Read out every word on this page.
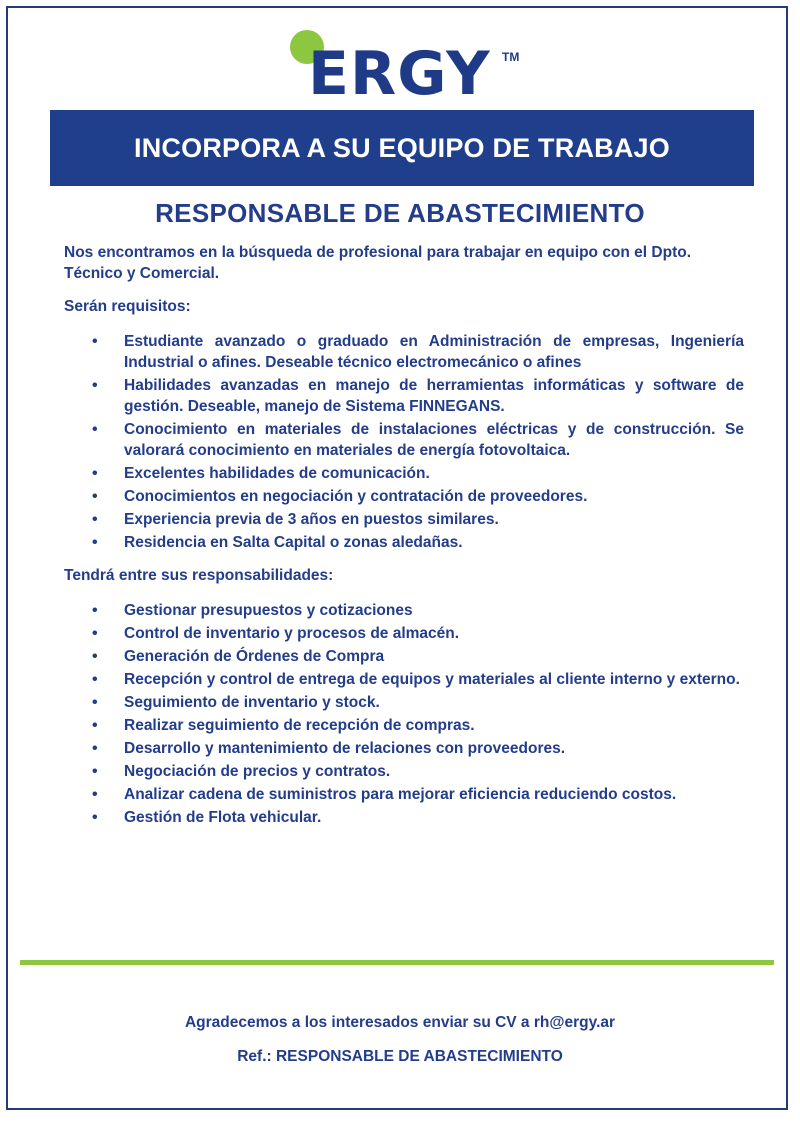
ERGY TM
INCORPORA A SU EQUIPO DE TRABAJO
RESPONSABLE DE ABASTECIMIENTO

Nos encontramos en la búsqueda de profesional para trabajar en equipo con el Dpto. Técnico y Comercial.

Serán requisitos:

• Estudiante avanzado o graduado en Administración de empresas, Ingeniería Industrial o afines. Deseable técnico electromecánico o afines
• Habilidades avanzadas en manejo de herramientas informáticas y software de gestión. Deseable, manejo de Sistema FINNEGANS.
• Conocimiento en materiales de instalaciones eléctricas y de construcción. Se valorará conocimiento en materiales de energía fotovoltaica.
• Excelentes habilidades de comunicación.
• Conocimientos en negociación y contratación de proveedores.
• Experiencia previa de 3 años en puestos similares.
• Residencia en Salta Capital o zonas aledañas.

Tendrá entre sus responsabilidades:

• Gestionar presupuestos y cotizaciones
• Control de inventario y procesos de almacén.
• Generación de Órdenes de Compra
• Recepción y control de entrega de equipos y materiales al cliente interno y externo.
• Seguimiento de inventario y stock.
• Realizar seguimiento de recepción de compras.
• Desarrollo y mantenimiento de relaciones con proveedores.
• Negociación de precios y contratos.
• Analizar cadena de suministros para mejorar eficiencia reduciendo costos.
• Gestión de Flota vehicular.
Agradecemos a los interesados enviar su CV a rh@ergy.ar
Ref.: RESPONSABLE DE ABASTECIMIENTO
